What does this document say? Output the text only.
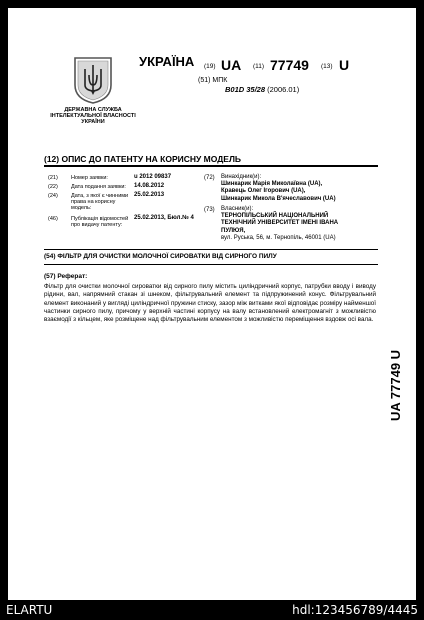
ДЕРЖАВНА СЛУЖБА ІНТЕЛЕКТУАЛЬНОЇ ВЛАСНОСТІ УКРАЇНИ
УКРАЇНА (19) UA (11) 77749 (13) U
(51) МПК
B01D 35/28 (2006.01)
(12) ОПИС ДО ПАТЕНТУ НА КОРИСНУ МОДЕЛЬ
(21) Номер заявки:	u 2012 09837
(22) Дата подання заявки:	14.08.2012
(24) Дата, з якої є чинними права на корисну модель:
25.02.2013
(46) Публікація відомостей про видачу патенту:
25.02.2013, Бюл.№ 4
(72) Винахідник(и):
Шинкарик Марія Миколаївна (UA),
Кравець Олег Ігорович (UA),
Шинкарик Микола В'ячеславович (UA)
(73) Власник(и):
ТЕРНОПІЛЬСЬКИЙ НАЦІОНАЛЬНИЙ
ТЕХНІЧНИЙ УНІВЕРСИТЕТ ІМЕНІ ІВАНА
ПУЛЮЯ,
вул. Руська, 56, м. Тернопіль, 46001 (UA)
(54) ФІЛЬТР ДЛЯ ОЧИСТКИ МОЛОЧНОЇ СИРОВАТКИ ВІД СИРНОГО ПИЛУ
(57) Реферат:
Фільтр для очистки молочної сироватки від сирного пилу містить циліндричний корпус, патрубки вводу і виводу рідини, вал, напрямний стакан зі шнеком, фільтрувальний елемент та підпружинений конус. Фільтрувальний елемент виконаний у вигляді циліндричної пружини стиску, зазор між витками якої відповідає розміру найменшої частинки сирного пилу, причому у верхній частині корпусу на валу встановлений електромагніт з можливістю взаємодії з кільцем, яке розміщене над фільтрувальним елементом з можливістю переміщення вздовж осі вала.
UA 77749 U
ELARTU	hdl:123456789/4445
